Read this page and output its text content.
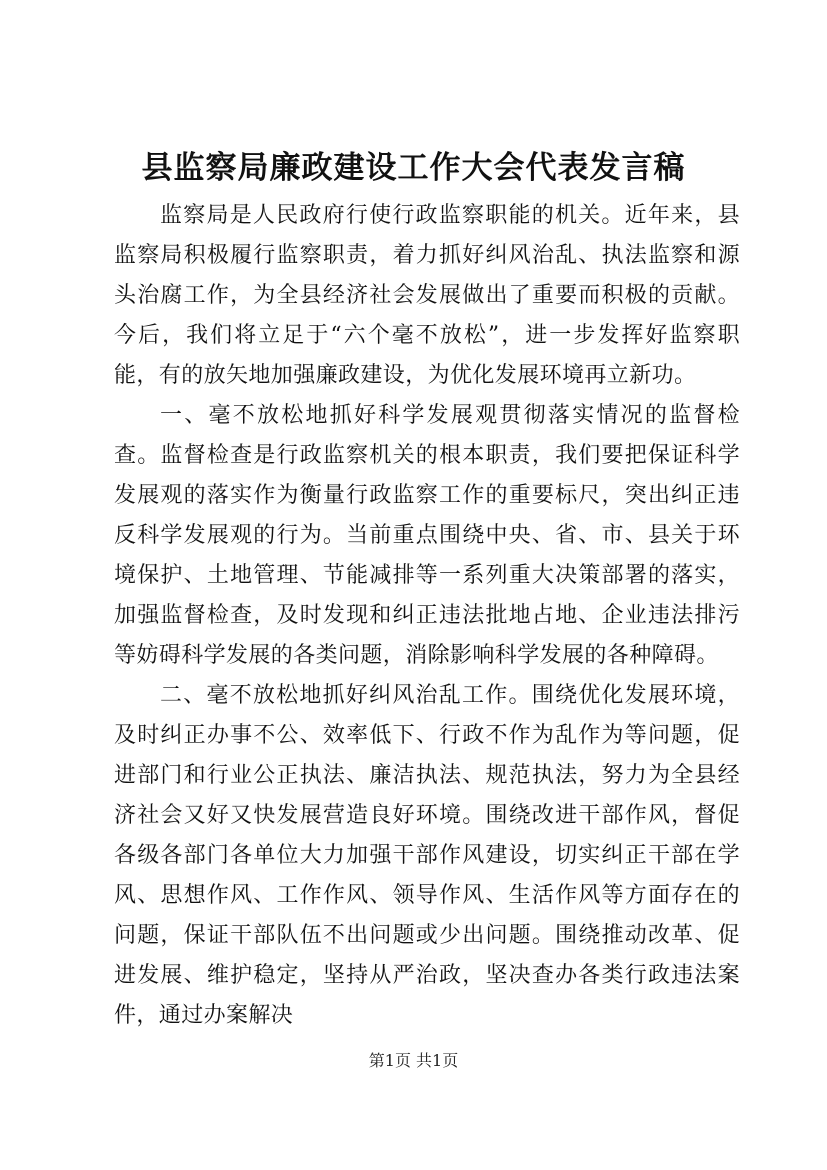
县监察局廉政建设工作大会代表发言稿

监察局是人民政府行使行政监察职能的机关。近年来，县监察局积极履行监察职责，着力抓好纠风治乱、执法监察和源头治腐工作，为全县经济社会发展做出了重要而积极的贡献。今后，我们将立足于“六个毫不放松”，进一步发挥好监察职能，有的放矢地加强廉政建设，为优化发展环境再立新功。

一、毫不放松地抓好科学发展观贯彻落实情况的监督检查。监督检查是行政监察机关的根本职责，我们要把保证科学发展观的落实作为衡量行政监察工作的重要标尺，突出纠正违反科学发展观的行为。当前重点围绕中央、省、市、县关于环境保护、土地管理、节能减排等一系列重大决策部署的落实，加强监督检查，及时发现和纠正违法批地占地、企业违法排污等妨碍科学发展的各类问题，消除影响科学发展的各种障碍。

二、毫不放松地抓好纠风治乱工作。围绕优化发展环境，及时纠正办事不公、效率低下、行政不作为乱作为等问题，促进部门和行业公正执法、廉洁执法、规范执法，努力为全县经济社会又好又快发展营造良好环境。围绕改进干部作风，督促各级各部门各单位大力加强干部作风建设，切实纠正干部在学风、思想作风、工作作风、领导作风、生活作风等方面存在的问题，保证干部队伍不出问题或少出问题。围绕推动改革、促进发展、维护稳定，坚持从严治政，坚决查办各类行政违法案件，通过办案解决

第1页 共1页
